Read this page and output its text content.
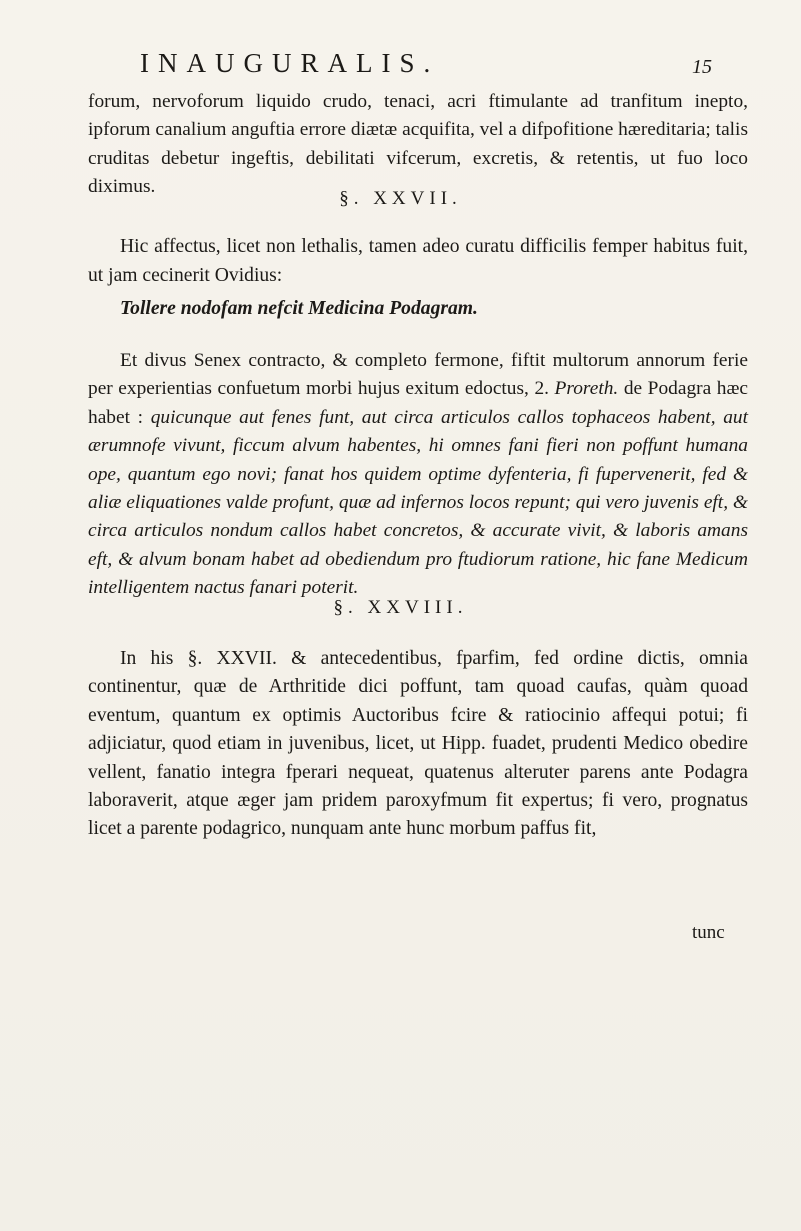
INAUGURALIS.	15

forum, nervoforum liquido crudo, tenaci, acri ftimulante ad tranfitum inepto, ipforum canalium anguftia errore diætæ acquifita, vel a difpofitione hæreditaria; talis cruditas debetur ingeftis, debilitati vifcerum, excretis, & retentis, ut fuo loco diximus.

§. XXVII.

Hic affectus, licet non lethalis, tamen adeo curatu difficilis femper habitus fuit, ut jam cecinerit Ovidius:

Tollere nodofam nefcit Medicina Podagram.

Et divus Senex contracto, & completo fermone, fiftit multorum annorum ferie per experientias confuetum morbi hujus exitum edoctus, 2. Proreth. de Podagra hæc habet : quicunque aut fenes funt, aut circa articulos callos tophaceos habent, aut ærumnofe vivunt, ficcum alvum habentes, hi omnes fani fieri non poffunt humana ope, quantum ego novi; fanat hos quidem optime dyfenteria, fi fupervenerit, fed & aliæ eliquationes valde profunt, quæ ad infernos locos repunt; qui vero juvenis eft, & circa articulos nondum callos habet concretos, & accurate vivit, & laboris amans eft, & alvum bonam habet ad obediendum pro ftudiorum ratione, hic fane Medicum intelligentem nactus fanari poterit.

§. XXVIII.

In his §. XXVII. & antecedentibus, fparfim, fed ordine dictis, omnia continentur, quæ de Arthritide dici poffunt, tam quoad caufas, quàm quoad eventum, quantum ex optimis Auctoribus fcire & ratiocinio affequi potui; fi adjiciatur, quod etiam in juvenibus, licet, ut Hipp. fuadet, prudenti Medico obedire vellent, fanatio integra fperari nequeat, quatenus alteruter parens ante Podagra laboraverit, atque æger jam pridem paroxyfmum fit expertus; fi vero, prognatus licet a parente podagrico, nunquam ante hunc morbum paffus fit,

tunc
